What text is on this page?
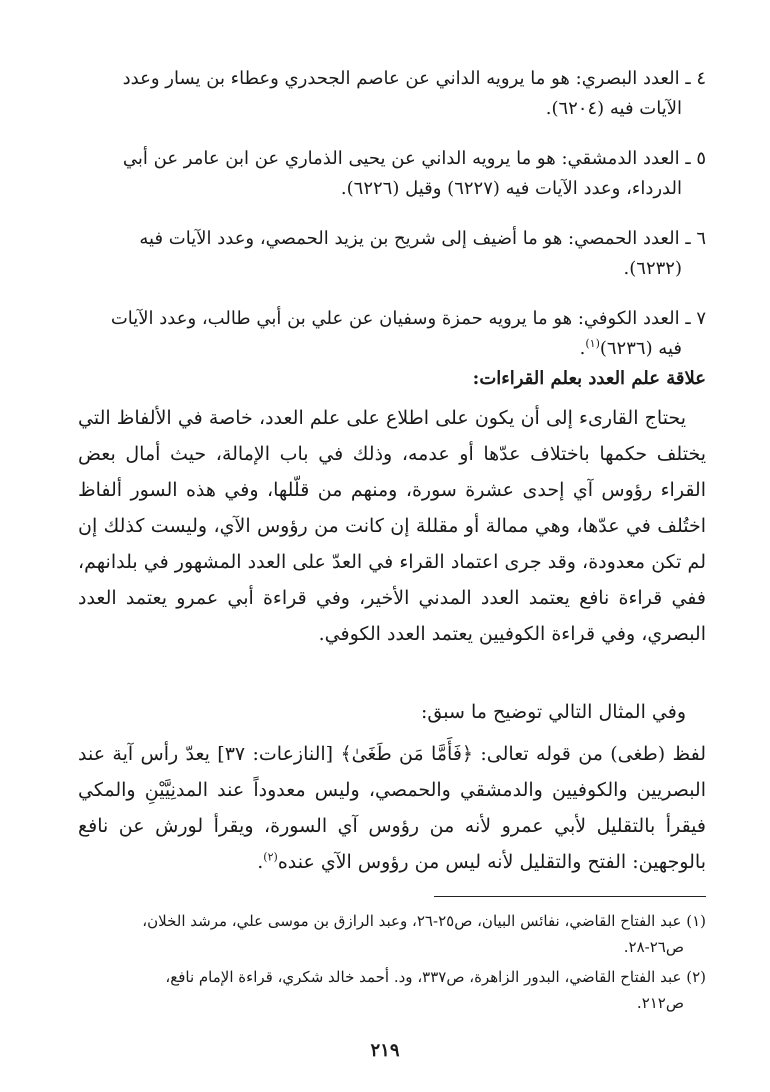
٤ ـ العدد البصري: هو ما يرويه الداني عن عاصم الجحدري وعطاء بن يسار وعدد
الآيات فيه (٦٢٠٤).
٥ ـ العدد الدمشقي: هو ما يرويه الداني عن يحيى الذماري عن ابن عامر عن أبي
الدرداء، وعدد الآيات فيه (٦٢٢٧) وقيل (٦٢٢٦).
٦ ـ العدد الحمصي: هو ما أضيف إلى شريح بن يزيد الحمصي، وعدد الآيات فيه
(٦٢٣٢).
٧ ـ العدد الكوفي: هو ما يرويه حمزة وسفيان عن علي بن أبي طالب، وعدد الآيات
فيه (٦٢٣٦)$^{(١)}$.
علاقة علم العدد بعلم القراءات:

يحتاج القارىء إلى أن يكون على اطلاع على علم العدد، خاصة في الألفاظ التي يختلف حكمها باختلاف عدّها أو عدمه، وذلك في باب الإمالة، حيث أمال بعض القراء رؤوس آي إحدى عشرة سورة، ومنهم من قلّلها، وفي هذه السور ألفاظ اختُلف في عدّها، وهي ممالة أو مقللة إن كانت من رؤوس الآي، وليست كذلك إن لم تكن معدودة، وقد جرى اعتماد القراء في العدّ على العدد المشهور في بلدانهم، ففي قراءة نافع يعتمد العدد المدني الأخير، وفي قراءة أبي عمرو يعتمد العدد البصري، وفي قراءة الكوفيين يعتمد العدد الكوفي.

وفي المثال التالي توضيح ما سبق:

لفظ (طغى) من قوله تعالى: ﴿فَأَمَّا مَن طَغَىٰ﴾ [النازعات: ٣٧] يعدّ رأس آية عند البصريين والكوفيين والدمشقي والحمصي، وليس معدوداً عند المدنِيَّيْنِ والمكي فيقرأ بالتقليل لأبي عمرو لأنه من رؤوس آي السورة، ويقرأ لورش عن نافع بالوجهين: الفتح والتقليل لأنه ليس من رؤوس الآي عنده$^{(٢)}$.

(١) عبد الفتاح القاضي، نفائس البيان، ص٢٥-٢٦، وعبد الرازق بن موسى علي، مرشد الخلان،
ص٢٦-٢٨.
(٢) عبد الفتاح القاضي، البدور الزاهرة، ص٣٣٧، ود. أحمد خالد شكري، قراءة الإمام نافع،
ص٢١٢.
٢١٩
